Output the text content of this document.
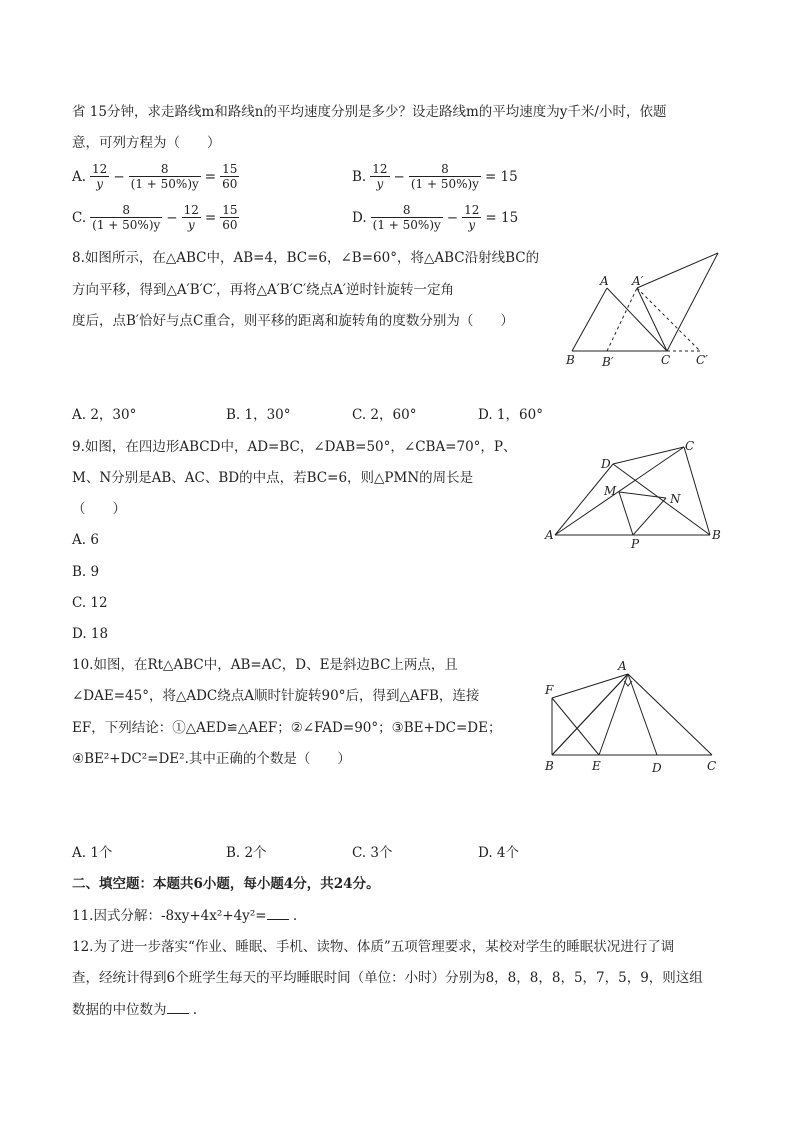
省 15分钟，求走路线m和路线n的平均速度分别是多少？设走路线m的平均速度为y千米/小时，依题
意，可列方程为（　　）
A. $\frac{12}{y} - \frac{8}{(1 + 50\%)y} = \frac{15}{60}$	B. $\frac{12}{y} - \frac{8}{(1 + 50\%)y} = 15$
C. $\frac{8}{(1 + 50\%)y} - \frac{12}{y} = \frac{15}{60}$	D. $\frac{8}{(1 + 50\%)y} - \frac{12}{y} = 15$
8.如图所示，在△ABC中，AB=4，BC=6，∠B=60°，将△ABC沿射线BC的
方向平移，得到△A′B′C′，再将△A′B′C′绕点A′逆时针旋转一定角
度后，点B′恰好与点C重合，则平移的距离和旋转角的度数分别为（　　）
A A′
B B′	C C′
A. 2，30°	B. 1，30°	C. 2，60°	D. 1，60°
9.如图，在四边形ABCD中，AD=BC，∠DAB=50°，∠CBA=70°，P、
M、N分别是AB、AC、BD的中点，若BC=6，则△PMN的周长是
（　　）
A. 6
B. 9
C. 12
D. 18
A	B
C
D
M
N
P
10.如图，在Rt△ABC中，AB=AC，D、E是斜边BC上两点，且
∠DAE=45°，将△ADC绕点A顺时针旋转90°后，得到△AFB，连接
EF，下列结论：①△AED≌△AEF；②∠FAD=90°；③BE+DC=DE；
④BE²+DC²=DE².其中正确的个数是（　　）
A
F
B	E	D	C
A. 1个	B. 2个	C. 3个	D. 4个
二、填空题：本题共6小题，每小题4分，共24分。
11.因式分解：-8xy+4x²+4y²= .
12.为了进一步落实“作业、睡眠、手机、读物、体质”五项管理要求，某校对学生的睡眠状况进行了调
查，经统计得到6个班学生每天的平均睡眠时间（单位：小时）分别为8，8，8，8，5，7，5，9，则这组
数据的中位数为 .
